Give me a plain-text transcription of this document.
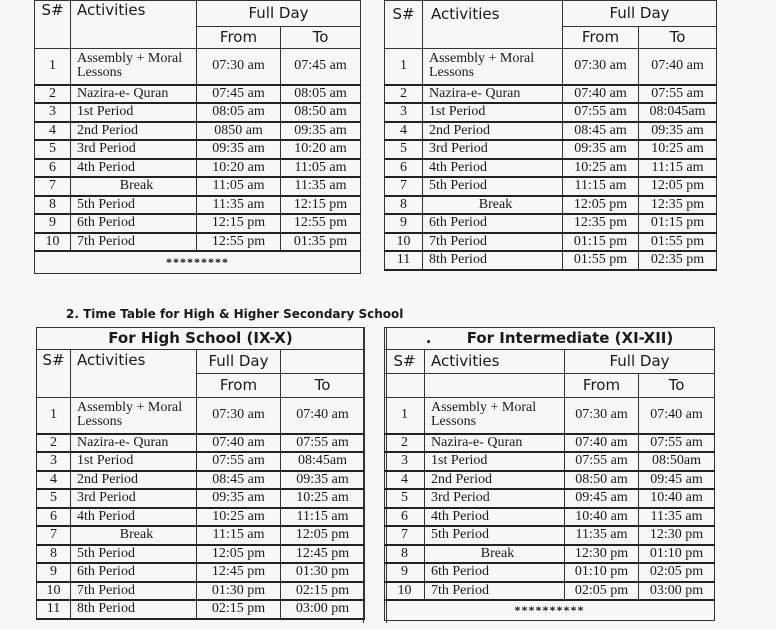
S#	Activities	Full Day	
		From	To
1	Assembly + Moral Lessons	07:30 am	07:45 am
2	Nazira-e- Quran	07:45 am	08:05 am
3	1st Period	08:05 am	08:50 am
4	2nd Period	0850 am	09:35 am
5	3rd Period	09:35 am	10:20 am
6	4th Period	10:20 am	11:05 am
7	Break	11:05 am	11:35 am
8	5th Period	11:35 am	12:15 pm
9	6th Period	12:15 pm	12:55 pm
10	7th Period	12:55 pm	01:35 pm
*********			
S#	Activities	Full Day	
		From	To
1	Assembly + Moral Lessons	07:30 am	07:40 am
2	Nazira-e- Quran	07:40 am	07:55 am
3	1st Period	07:55 am	08:045am
4	2nd Period	08:45 am	09:35 am
5	3rd Period	09:35 am	10:25 am
6	4th Period	10:25 am	11:15 am
7	5th Period	11:15 am	12:05 pm
8	Break	12:05 pm	12:35 pm
9	6th Period	12:35 pm	01:15 pm
10	7th Period	01:15 pm	01:55 pm
11	8th Period	01:55 pm	02:35 pm
2. Time Table for High & Higher Secondary School
For High School (IX-X)			
S#	Activities	Full Day	
		From	To
1	Assembly + Moral Lessons	07:30 am	07:40 am
2	Nazira-e- Quran	07:40 am	07:55 am
3	1st Period	07:55 am	08:45am
4	2nd Period	08:45 am	09:35 am
5	3rd Period	09:35 am	10:25 am
6	4th Period	10:25 am	11:15 am
7	Break	11:15 am	12:05 pm
8	5th Period	12:05 pm	12:45 pm
9	6th Period	12:45 pm	01:30 pm
10	7th Period	01:30 pm	02:15 pm
11	8th Period	02:15 pm	03:00 pm
. For Intermediate (XI-XII)			
S#	Activities	Full Day	
		From	To
1	Assembly + Moral Lessons	07:30 am	07:40 am
2	Nazira-e- Quran	07:40 am	07:55 am
3	1st Period	07:55 am	08:50am
4	2nd Period	08:50 am	09:45 am
5	3rd Period	09:45 am	10:40 am
6	4th Period	10:40 am	11:35 am
7	5th Period	11:35 am	12:30 pm
8	Break	12:30 pm	01:10 pm
9	6th Period	01:10 pm	02:05 pm
10	7th Period	02:05 pm	03:00 pm
**********			
